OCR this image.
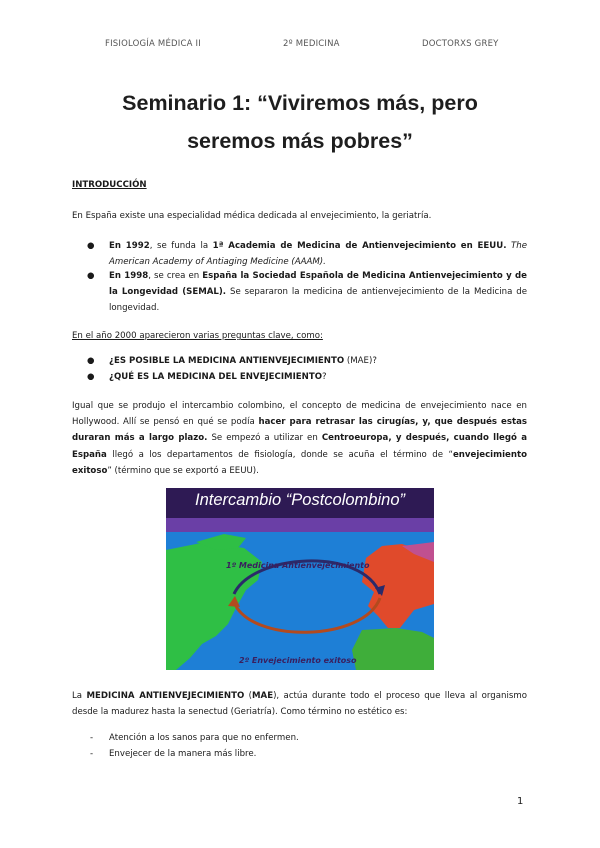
FISIOLOGÍA MÉDICA II	2º MEDICINA	DOCTORXS GREY
Seminario 1: “Viviremos más, pero
seremos más pobres”
INTRODUCCIÓN
En España existe una especialidad médica dedicada al envejecimiento, la geriatría.
● En 1992, se funda la 1ª Academia de Medicina de Antienvejecimiento en EEUU. The American Academy of Antiaging Medicine (AAAM).
● En 1998, se crea en España la Sociedad Española de Medicina Antienvejecimiento y de la Longevidad (SEMAL). Se separaron la medicina de antienvejecimiento de la Medicina de longevidad.
En el año 2000 aparecieron varias preguntas clave, como:
● ¿ES POSIBLE LA MEDICINA ANTIENVEJECIMIENTO (MAE)?
● ¿QUÉ ES LA MEDICINA DEL ENVEJECIMIENTO?
Igual que se produjo el intercambio colombino, el concepto de medicina de envejecimiento nace en Hollywood. Allí se pensó en qué se podía hacer para retrasar las cirugías, y, que después estas duraran más a largo plazo. Se empezó a utilizar en Centroeuropa, y después, cuando llegó a España llegó a los departamentos de fisiología, donde se acuña el término de “envejecimiento exitoso” (término que se exportó a EEUU).
Intercambio “Postcolombino”
1º Medicina Antienvejecimiento
2º Envejecimiento exitoso
La MEDICINA ANTIENVEJECIMIENTO (MAE), actúa durante todo el proceso que lleva al organismo desde la madurez hasta la senectud (Geriatría). Como término no estético es:
- Atención a los sanos para que no enfermen.
- Envejecer de la manera más libre.
1
